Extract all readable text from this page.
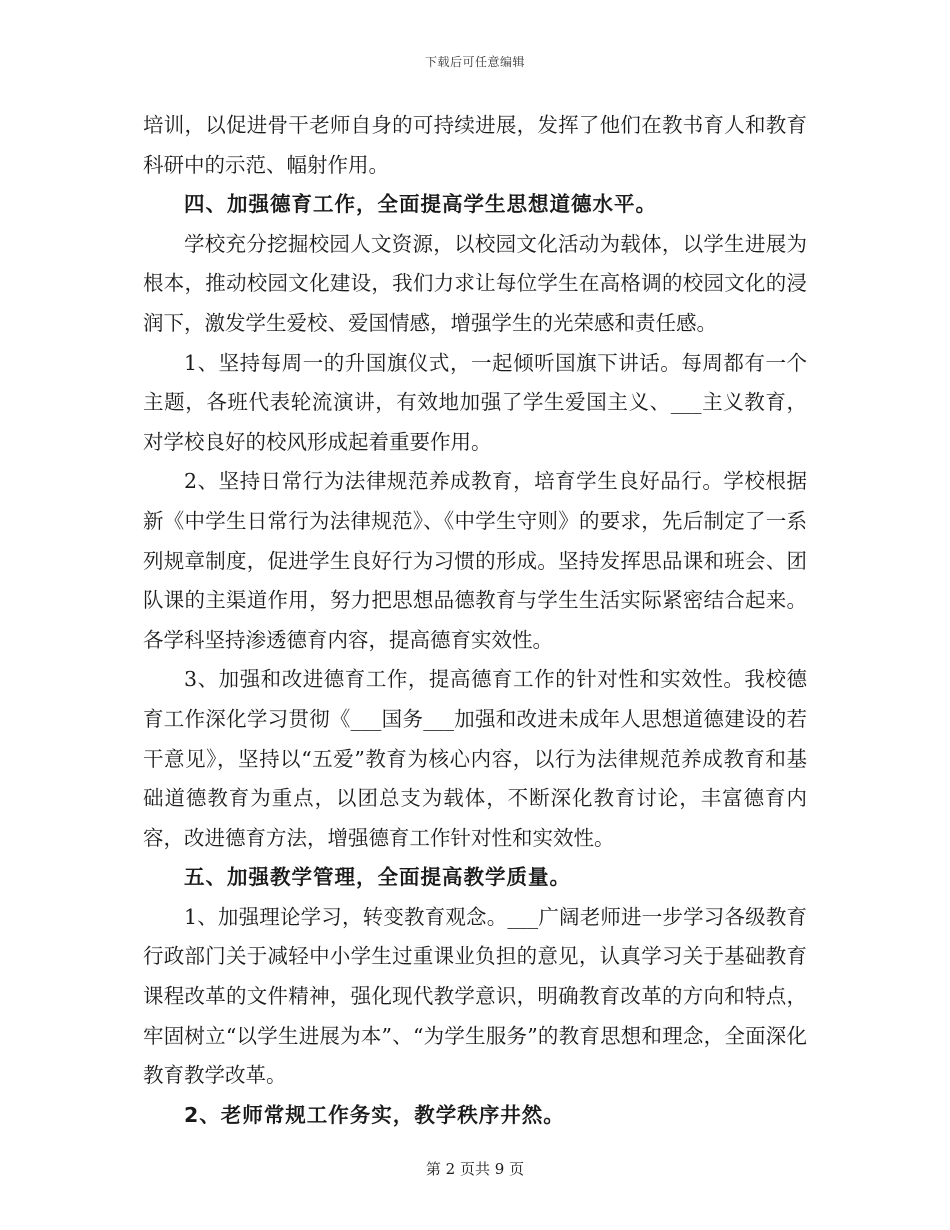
下载后可任意编辑

培训，以促进骨干老师自身的可持续进展，发挥了他们在教书育人和教育科研中的示范、幅射作用。

四、加强德育工作，全面提高学生思想道德水平。

学校充分挖掘校园人文资源，以校园文化活动为载体，以学生进展为根本，推动校园文化建设，我们力求让每位学生在高格调的校园文化的浸润下，激发学生爱校、爱国情感，增强学生的光荣感和责任感。

1、坚持每周一的升国旗仪式，一起倾听国旗下讲话。每周都有一个主题，各班代表轮流演讲，有效地加强了学生爱国主义、___主义教育，对学校良好的校风形成起着重要作用。

2、坚持日常行为法律规范养成教育，培育学生良好品行。学校根据新《中学生日常行为法律规范》、《中学生守则》的要求，先后制定了一系列规章制度，促进学生良好行为习惯的形成。坚持发挥思品课和班会、团队课的主渠道作用，努力把思想品德教育与学生生活实际紧密结合起来。各学科坚持渗透德育内容，提高德育实效性。

3、加强和改进德育工作，提高德育工作的针对性和实效性。我校德育工作深化学习贯彻《___国务___加强和改进未成年人思想道德建设的若干意见》，坚持以“五爱”教育为核心内容，以行为法律规范养成教育和基础道德教育为重点，以团总支为载体，不断深化教育讨论，丰富德育内容，改进德育方法，增强德育工作针对性和实效性。

五、加强教学管理，全面提高教学质量。

1、加强理论学习，转变教育观念。___广阔老师进一步学习各级教育行政部门关于减轻中小学生过重课业负担的意见，认真学习关于基础教育课程改革的文件精神，强化现代教学意识，明确教育改革的方向和特点，牢固树立“以学生进展为本”、“为学生服务”的教育思想和理念，全面深化教育教学改革。

2、老师常规工作务实，教学秩序井然。

第 2 页共 9 页
